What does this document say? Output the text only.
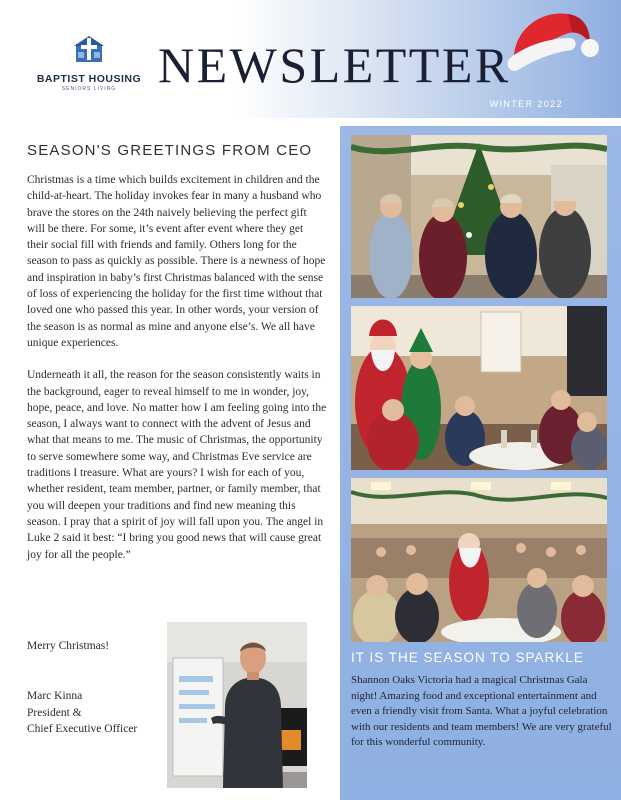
BAPTIST HOUSING
SENIORS LIVING NEWSLETTER
WINTER 2022
SEASON'S GREETINGS FROM CEO

Christmas is a time which builds excitement in children and the child-at-heart. The holiday invokes fear in many a husband who brave the stores on the 24th naively believing the perfect gift will be there. For some, it’s event after event where they get their social fill with friends and family. Others long for the season to pass as quickly as possible. There is a newness of hope and inspiration in baby’s first Christmas balanced with the sense of loss of experiencing the holiday for the first time without that loved one who passed this year. In other words, your version of the season is as normal as mine and anyone else’s. We all have unique experiences.

Underneath it all, the reason for the season consistently waits in the background, eager to reveal himself to me in wonder, joy, hope, peace, and love. No matter how I am feeling going into the season, I always want to connect with the advent of Jesus and what that means to me. The music of Christmas, the opportunity to serve somewhere some way, and Christmas Eve service are traditions I treasure. What are yours? I wish for each of you, whether resident, team member, partner, or family member, that you will deepen your traditions and find new meaning this season. I pray that a spirit of joy will fall upon you. The angel in Luke 2 said it best: “I bring you good news that will cause great joy for all the people.”

Merry Christmas!
Marc Kinna
President &
Chief Executive Officer
IT IS THE SEASON TO SPARKLE
Shannon Oaks Victoria had a magical Christmas Gala night! Amazing food and exceptional entertainment and even a friendly visit from Santa. What a joyful celebration with our residents and team members! We are very grateful for this wonderful community.
